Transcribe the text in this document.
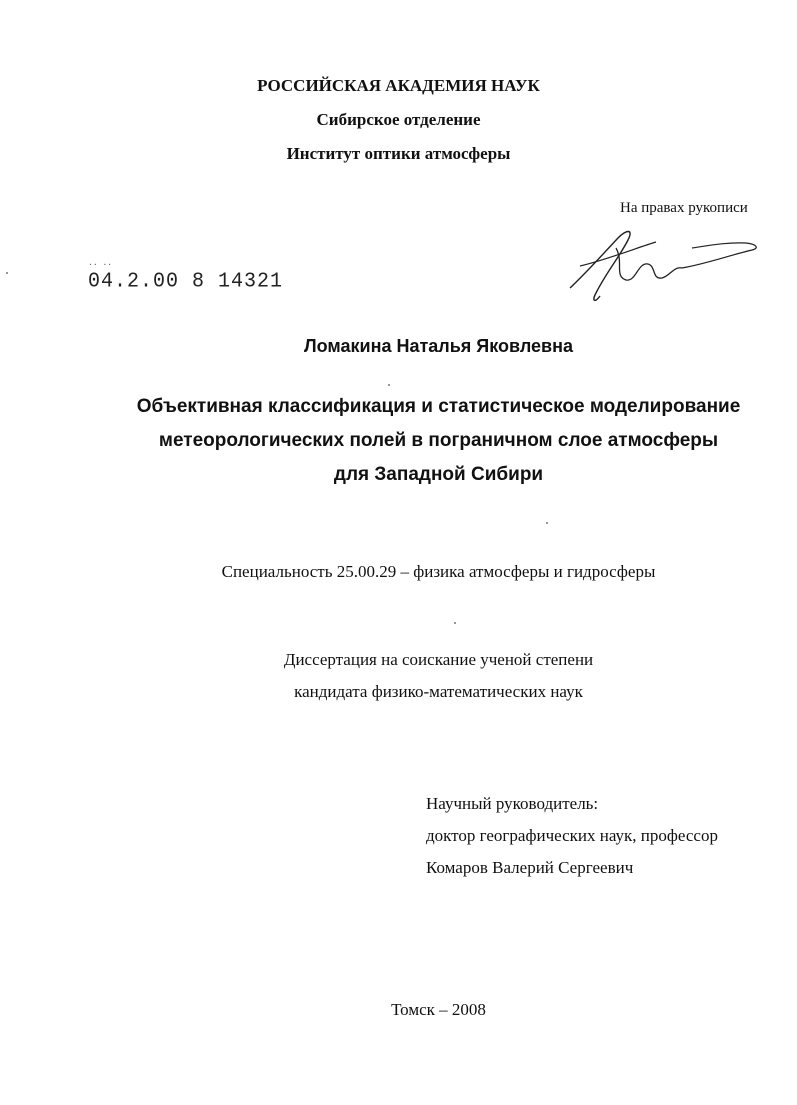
РОССИЙСКАЯ АКАДЕМИЯ НАУК
Сибирское отделение
Институт оптики атмосферы
На правах рукописи
.. ..
04.2.00 8 14321
Ломакина Наталья Яковлевна
Объективная классификация и статистическое моделирование
метеорологических полей в пограничном слое атмосферы
для Западной Сибири
Специальность 25.00.29 – физика атмосферы и гидросферы
Диссертация на соискание ученой степени
кандидата физико-математических наук
Научный руководитель:
доктор географических наук, профессор
Комаров Валерий Сергеевич
Томск – 2008
